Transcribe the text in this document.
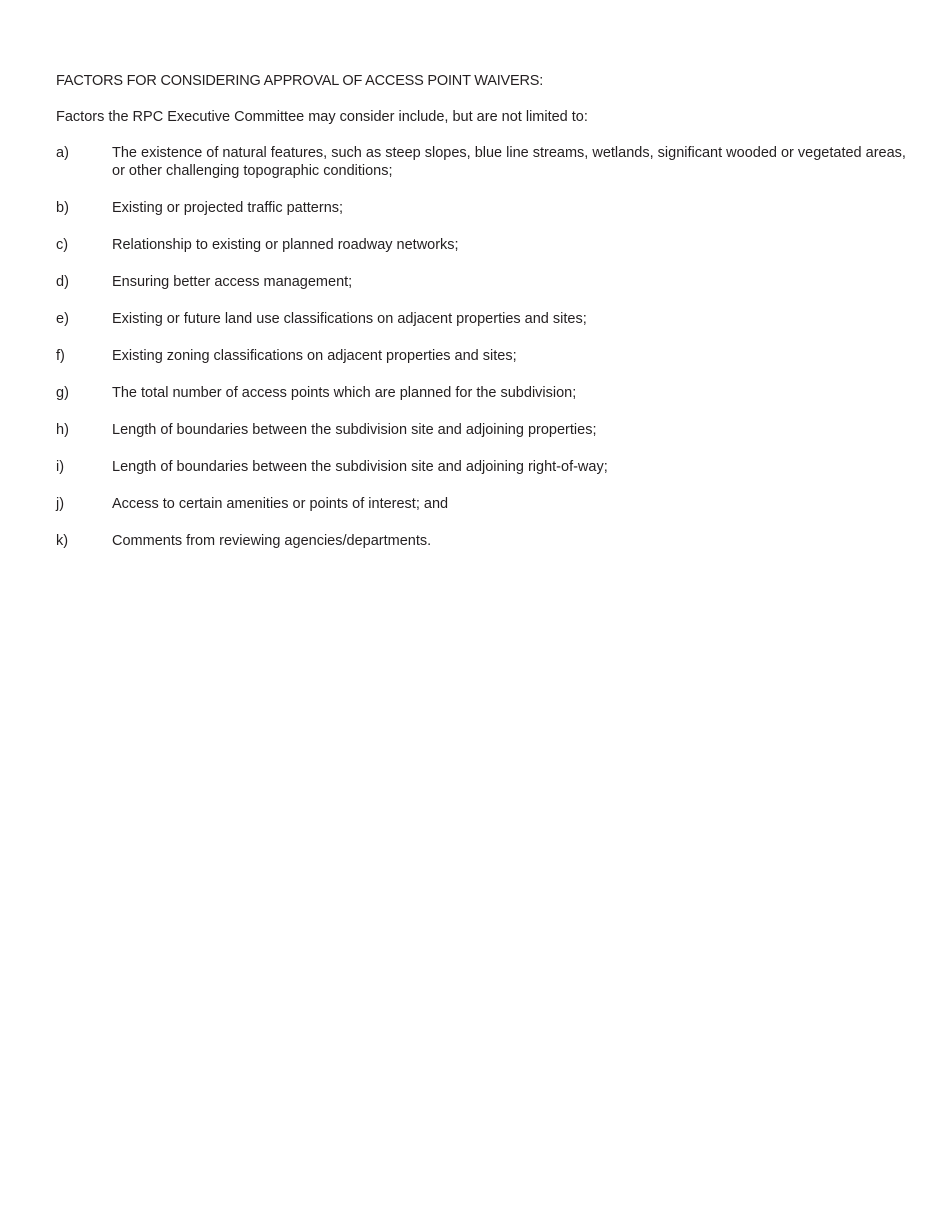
FACTORS FOR CONSIDERING APPROVAL OF ACCESS POINT WAIVERS:

Factors the RPC Executive Committee may consider include, but are not limited to:

a)	The existence of natural features, such as steep slopes, blue line streams, wetlands, significant wooded or vegetated areas, or other challenging topographic conditions;
b)	Existing or projected traffic patterns;
c)	Relationship to existing or planned roadway networks;
d)	Ensuring better access management;
e)	Existing or future land use classifications on adjacent properties and sites;
f)	Existing zoning classifications on adjacent properties and sites;
g)	The total number of access points which are planned for the subdivision;
h)	Length of boundaries between the subdivision site and adjoining properties;
i)	Length of boundaries between the subdivision site and adjoining right-of-way;
j)	Access to certain amenities or points of interest; and
k)	Comments from reviewing agencies/departments.
